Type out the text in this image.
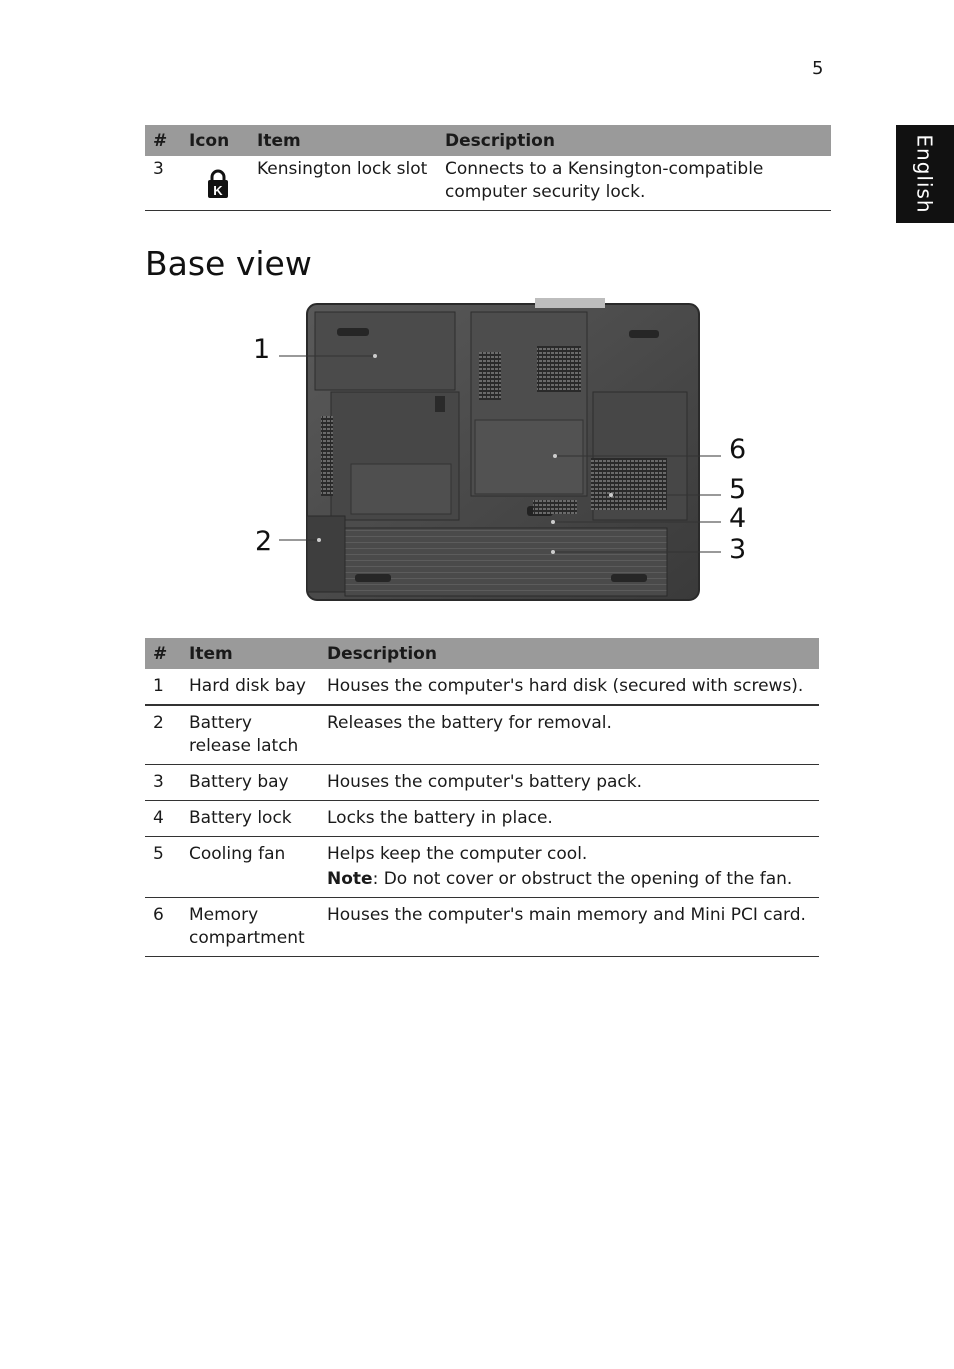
5
English
#	Icon	Item	Description
3	K	Kensington lock slot	Connects to a Kensington-compatible computer security lock.
Base view
1
2	3
4
5
6
#	Item	Description
1	Hard disk bay	Houses the computer's hard disk (secured with screws).
2	Battery release latch	Releases the battery for removal.
3	Battery bay	Houses the computer's battery pack.
4	Battery lock	Locks the battery in place.
5	Cooling fan	Helps keep the computer cool.
Note: Do not cover or obstruct the opening of the fan.

6	Memory compartment	Houses the computer's main memory and Mini PCI card.
